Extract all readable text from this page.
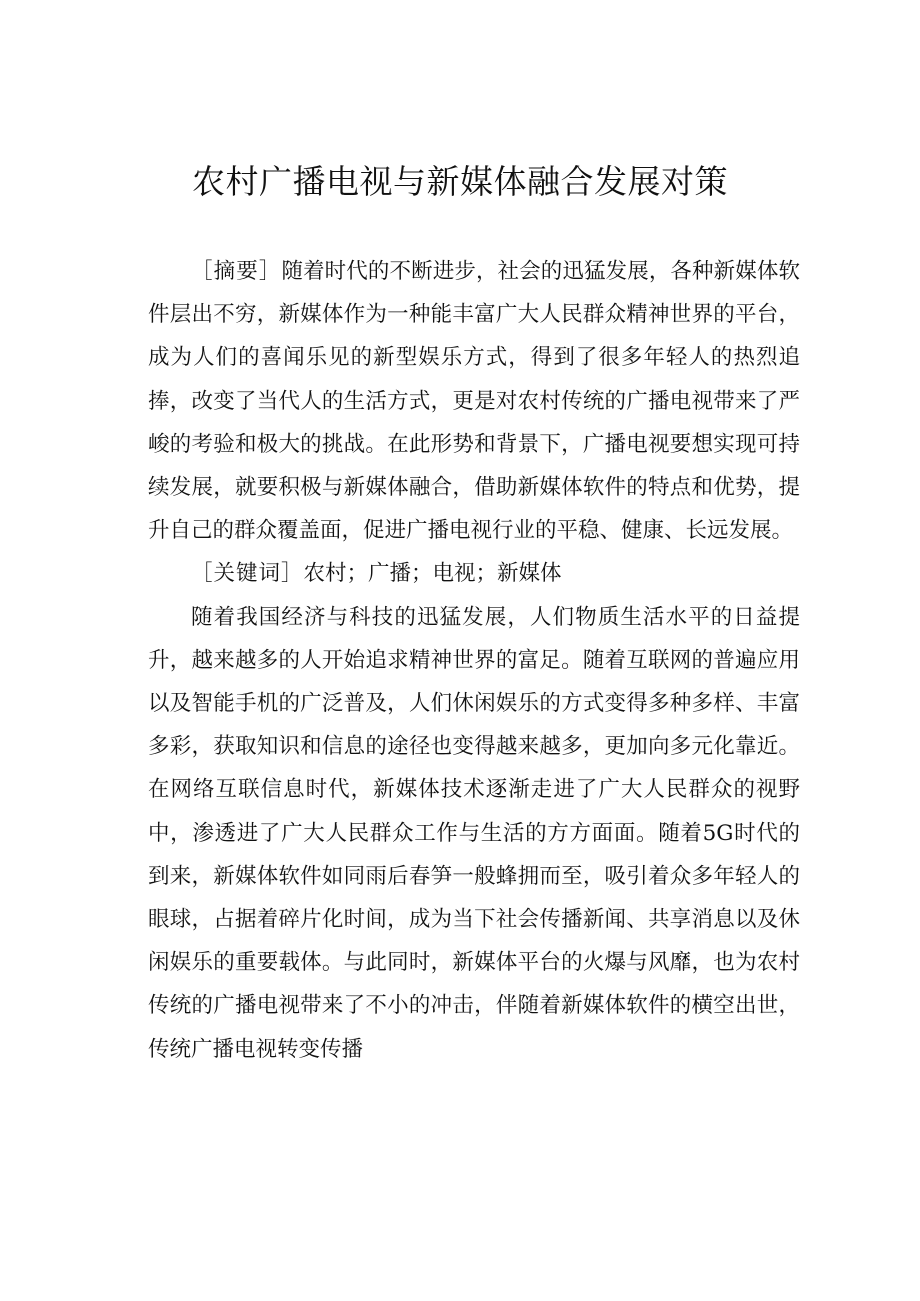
农村广播电视与新媒体融合发展对策

［摘要］随着时代的不断进步，社会的迅猛发展，各种新媒体软件层出不穷，新媒体作为一种能丰富广大人民群众精神世界的平台，成为人们的喜闻乐见的新型娱乐方式，得到了很多年轻人的热烈追捧，改变了当代人的生活方式，更是对农村传统的广播电视带来了严峻的考验和极大的挑战。在此形势和背景下，广播电视要想实现可持续发展，就要积极与新媒体融合，借助新媒体软件的特点和优势，提升自己的群众覆盖面，促进广播电视行业的平稳、健康、长远发展。

［关键词］农村；广播；电视；新媒体

随着我国经济与科技的迅猛发展，人们物质生活水平的日益提升，越来越多的人开始追求精神世界的富足。随着互联网的普遍应用以及智能手机的广泛普及，人们休闲娱乐的方式变得多种多样、丰富多彩，获取知识和信息的途径也变得越来越多，更加向多元化靠近。在网络互联信息时代，新媒体技术逐渐走进了广大人民群众的视野中，渗透进了广大人民群众工作与生活的方方面面。随着5G时代的到来，新媒体软件如同雨后春笋一般蜂拥而至，吸引着众多年轻人的眼球，占据着碎片化时间，成为当下社会传播新闻、共享消息以及休闲娱乐的重要载体。与此同时，新媒体平台的火爆与风靡，也为农村传统的广播电视带来了不小的冲击，伴随着新媒体软件的横空出世，传统广播电视转变传播
